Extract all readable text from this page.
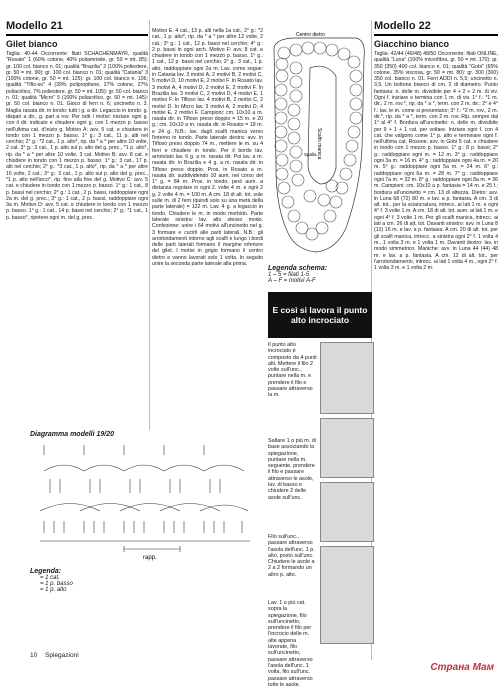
Modello 21
Gilet bianco
Taglia: 40-44 Occorrente: filati SCHACHENMAYR, qualità "Rosato" 1 (60% cotone, 40% poliammide, gr. 50 = mt. 85): gr. 100 col. bianco n. 01; qualità "Brazilia" 2 (100% poliestere, gr. 50 = mt. 90): gr. 100 col. bianco n. 01; qualità "Catania" 3 (100% cotone, gr. 50 = mt. 125): gr. 100 col. bianco n. 106; qualità "Tiflo-so" 4 (39% polipropilene, 27% cotone, 27% poliacrilico, 7% poliestere, gr. 50 = mt. 105): gr. 50 col. bianco n. 01; qualità "Micro" 5 (100% poliacrilico, gr. 50 = mt. 145): gr. 50 col. bianco n. 01. Gioco di ferri n. 6; uncinetto n. 3. Maglia rasata dir. in tondo: tutti i g. a dir. Legaccio in tondo: g. dispari a dir., g. pari a rov. Per tutti i motivi: iniziare ogni g. con il dir. indicato e chiudere ogni g. con 1 mezzo p. basso nell'ultima cat. d'inizio g. Motivo A: avv. 5 cat. e chiudere in tondo con 1 mezzo p. basso. 1° g.: 3 cat., 11 p. alti nel cerchio; 2° g.: *2 cat., 1 p. alto*, rip. da * a * per altre 10 volte, 2 cat. 3° g.: 3 cat., 1 p. alto sul p. alto del g. prec., *1 p. alto*, rip. da * a * per altre 10 volte, 3 cat. Motivo B: avv. 8 cat. e chiudere in tondo con 1 mezzo p. basso. 1° g.: 3 cat., 17 p. alti nel cerchio; 2° g.: *3 cat., 1 p. alto*, rip. da * a * per altre 16 volte, 2 cat.; 3° g.: 3 cat., 1 p. alto sul p. alto del g. prec., *1 p. alto nell'arco*, rip. fino alla fine del g. Motivo C: avv. 5 cat. e chiudere in tondo con 1 mezzo p. basso. 1° g.: 1 cat., 8 p. bassi nel cerchio; 2° g.: 1 cat., 2 p. bassi, raddoppiare ogni 2a m. del g. prec.; 3° g.: 1 cat., 2 p. bassi, raddoppiare ogni 3a m. Motivo D: avv. 5 cat. e chiudere in tondo con 1 mezzo p. basso. 1° g.: 1 cat., 14 p. bassi nel cerchio; 2° g.: *1 cat., 1 p. basso*, ripetere ogni m. del g. prec.
Motivo E: 4 cat., 13 p. alti nella 1a cat.; 2° g.: *2 cat., 1 p. alto*, rip. da * a * per altre 12 volte, 2 cat.; 3° g.: 1 cat., 12 p. bassi nel cerchio; 4° g.: 2 p. bassi in ogni arch. Motivo F: avv. 8 cat. e chiudere in tondo con 1 mezzo p. basso. 1° g.: 1 cat., 12 p. bassi nel cerchio; 2° g.: 3 cat., 1 p. alto, raddoppiare ogni 2a m. Lav. come segue: in Catania lav. 3 motivi A, 2 motivi B, 2 motivi C, 5 motivi D, 10 motivi E, 2 motivi F. In Rosato lav. 3 motivi A, 4 motivi D, 2 motivi E, 2 motivi F. In Brazilia lav. 3 motivi C, 2 motivi D, 4 motivi E, 1 motivo F. In Tifloso lav. 4 motivi B, 2 motivi C, 2 motivi D. In Micro lav. 3 motivi A, 2 motivi D, 4 motivi E, 2 motivi F. Campioni: cm. 10x10 a m. rasata dir. in Tifloso preso doppio = 15 m. e 20 g.; cm. 10x10 a m. rasata dir. in Rosato = 18 m. e 24 g. N.B.: lav. dagli scalfi manica verso l'interno in tondo. Parte laterale destra: avv. in Tifloso preso doppio 74 m., mettere le m. su 4 ferri e chiudere in tondo. Per il bordo lav. arrotolato lav. 6 g. a m. rasata dir. Poi lav. a m. rasata dir. in Brazilia e 4 g. a m. rasata dir. in Tifloso preso doppio. Pros. in Rosato a m. rasata dir. suddividendo 10 aum. nel corso del 1° g. = 84 m. Pros. in tondo, però aum. a distanza regolare in ogni 2. volte 4 m. e ogni 2 g. 2 volte 4 m. = 100 m. A cm. 18 di alt. tot. sole sulle m. di 2 ferri (quindi solo su una metà della parte laterale) = 122 m. Lav. 4 g. a legaccio in tondo. Chiudere le m. in modo morbido. Parte laterale sinistra: lav. allo stesso modo. Confezione: unire i 64 motivi all'uncinetto nel g. 3 formare e cucirli alle parti laterali. N.B.: gli arrotondamenti intorno agli scalfi e lungo i bordi delle parti laterali formano il margine inferiore del gilet. I motivi in grigio formano il centro dietro e vanno lavorati solo 1 volta. In seguito unire la seconda parte laterale alla prima.
Centro dietro
Scalfo manica
Spalla
Legenda schema:
1 – 5 = filati 1-5
A – F = motivi A-F
E così si lavora il punto alto incrociato
Il punto alto incrociato è composto da 4 punti alti. Mettere il filo 2 volte sull'unc., puntare nella m. e prendere il filo e passare attraverso la m.
Saltare 1 o più m. di base associando la spiegazione, puntare nella m. seguente, prendere il filo e passare attraverso le asole, lav. di basso e chiudere 2 delle asole sull'unc.
Filo sull'unc., passare attraverso l'asola dell'unc. 1 p. alto, posto sull'unc. Chiudere le asole a 2 a 2 formando un altro p. alto.
Lav. 1 o più cat. sopra la spiegazione, filo sull'uncinetto, prendere il filo per l'incrocio delle m. alte appena lavorate, filo sull'uncinetto, passare attraverso l'asola dell'unc. 1 volta, filo sull'unc. passare attraverso tutte le asole.
Modello 22
Giacchino bianco
Taglia: 42/44 (46/48) 48/50 Occorrente: filati ONLINE, qualità "Luna" (100% microfibra, gr. 50 = mt. 170): gr. 350 (350) 400 col. bianco n. 01; qualità "Gobi" (65% cotone, 35% viscosa, gr. 50 = mt. 80): gr. 300 (300) 350 col. bianco n. 01. Ferri ADDI n. 5,5; uncinetto n. 3,5. Un bottone bianco di cm. 2 di diametro. Punto fantasia: n. delle m. divisibile per 4 + 2 + 2 m. di viv. Ogni f. iniziare e termina con 1 m. di viv. 1° f.: *1 m. dir., 2 m. rov.*, rip. da * a *, term. con 2 m. dir.; 2° e 4° f.: lav. le m. come si presentano; 3° f.: *2 m. rov., 2 m. dir.*, rip. da * a *, term. con 2 m. rov. Rip. sempre dal 1° al 4° f. Bordura all'uncinetto: n. delle m. divisibile per 9 + 1 + 1 cat. per voltare. Iniziare ogni f. con 4 cat. che valgono come 1° p. alto e terminare ogni f. nell'ultima cat. Rosone: avv. in Gobi 5 cat. e chiudere in tondo con 1 mezzo p. basso. 1° g.: 8 p. bassi; 2° g.: raddoppiare ogni m. = 12 m. 3° g.: raddoppiare ogni 3a m. = 16 m. 4° g.: raddoppiare ogni 4a m. = 20 m. 5° g.: raddoppiare ogni 5a m. = 24 m. 6° g.: raddoppiare ogni 6a m. = 28 m. 7° g.: raddoppiare ogni 7a m. = 32 m. 8° g.: raddoppiare ogni 8a m. = 36 m. Campioni: cm. 10x10 a p. fantasia = 14 m. e 25 f.; bordura all'uncinetto = cm. 13 di altezza. Dietro: avv. in Luna 68 (72) 80 m. e lav. a p. fantasia. A cm. 3 di alt. tot., per la sciancratura, intrecc. ai lati 1 m. e ogni 4° f. 3 volte 1 m. A cm. 18 di alt. tot. aum. ai lati 1 m. e ogni 4° f. 3 volte 1 m. Per gli scalfi manica, intrecc. ai lati a cm. 26 di alt. tot. Davanti sinistro: avv. in Luna 8 (12) 16 m. e lav. a p. fantasia. A cm. 20 di alt. tot. per gli scalfi manica, intrecc. a sinistra ogni 2° f. 1 volta 4 m., 1 volta 3 m. e 1 volta 1 m. Davanti destro: lav. in modo simmetrico. Maniche: avv. in Luna 44 (44) 48 m. e lav. a p. fantasia. A cm. 12 di alt. tot., per l'arrotondamento, intrecc. ai lati 1 volta 4 m., ogni 2° f. 1 volta 3 m. e 1 volta 2 m.
Diagramma modelli 19/20
rapp.
Legenda:
= 1 cat.
= 1 p. basso
= 1 p. alto
10 Spiegazioni
Страна Мам
